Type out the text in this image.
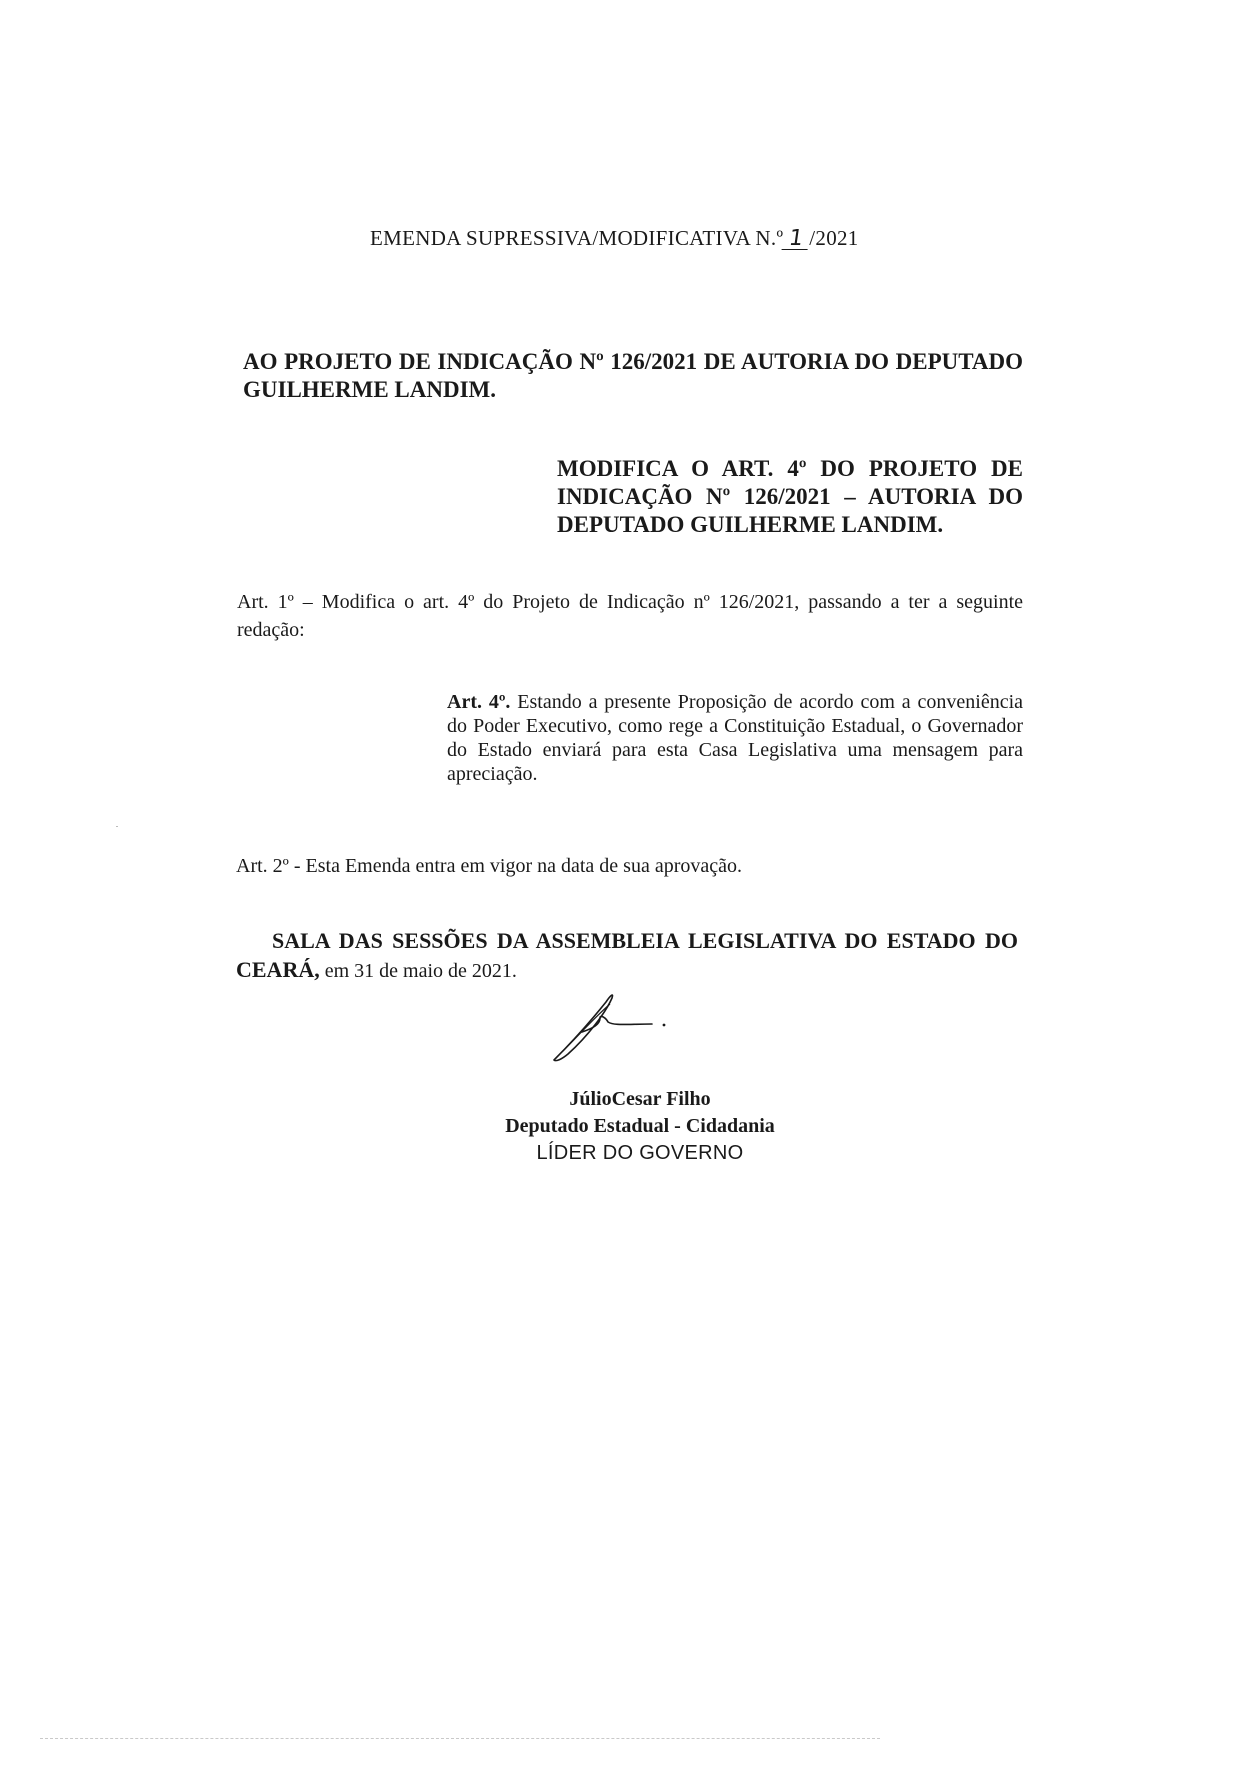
EMENDA SUPRESSIVA/MODIFICATIVA N.º 1 /2021
AO PROJETO DE INDICAÇÃO Nº 126/2021 DE AUTORIA DO DEPUTADO GUILHERME LANDIM.
MODIFICA O ART. 4º DO PROJETO DE INDICAÇÃO Nº 126/2021 – AUTORIA DO DEPUTADO GUILHERME LANDIM.
Art. 1º – Modifica o art. 4º do Projeto de Indicação nº 126/2021, passando a ter a seguinte redação:
Art. 4º. Estando a presente Proposição de acordo com a conveniência do Poder Executivo, como rege a Constituição Estadual, o Governador do Estado enviará para esta Casa Legislativa uma mensagem para apreciação.
Art. 2º - Esta Emenda entra em vigor na data de sua aprovação.
SALA DAS SESSÕES DA ASSEMBLEIA LEGISLATIVA DO ESTADO DO CEARÁ, em 31 de maio de 2021.
JúlioCesar Filho
Deputado Estadual - Cidadania
LÍDER DO GOVERNO
